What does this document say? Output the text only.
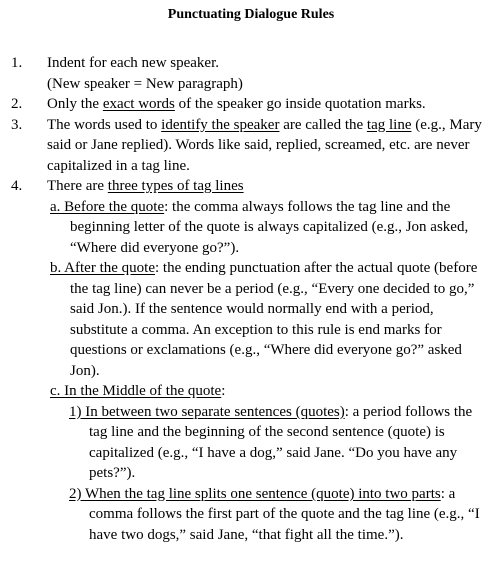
Punctuating Dialogue Rules
1. Indent for each new speaker.
(New speaker = New paragraph)
2. Only the exact words of the speaker go inside quotation marks.
3. The words used to identify the speaker are called the tag line (e.g., Mary said or Jane replied). Words like said, replied, screamed, etc. are never capitalized in a tag line.
4. There are three types of tag lines
a. Before the quote: the comma always follows the tag line and the beginning letter of the quote is always capitalized (e.g., Jon asked, “Where did everyone go?”).
b. After the quote: the ending punctuation after the actual quote (before the tag line) can never be a period (e.g., “Every one decided to go,” said Jon.). If the sentence would normally end with a period, substitute a comma. An exception to this rule is end marks for questions or exclamations (e.g., “Where did everyone go?” asked Jon).
c. In the Middle of the quote:
1) In between two separate sentences (quotes): a period follows the tag line and the beginning of the second sentence (quote) is capitalized (e.g., “I have a dog,” said Jane. “Do you have any pets?”).
2) When the tag line splits one sentence (quote) into two parts: a comma follows the first part of the quote and the tag line (e.g., “I have two dogs,” said Jane, “that fight all the time.”).
